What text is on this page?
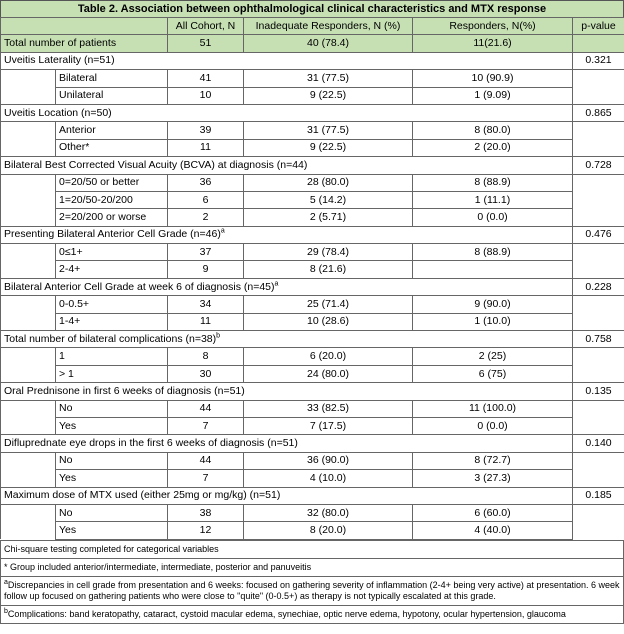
Table 2. Association between ophthalmological clinical characteristics and MTX response
		All Cohort, N	Inadequate Responders, N (%)	Responders, N(%)	p-value
Total number of patients		51	40 (78.4)	11(21.6)	
Uveitis Laterality (n=51)					0.321
	Bilateral	41	31 (77.5)	10 (90.9)	
	Unilateral	10	9 (22.5)	1 (9.09)	
Uveitis Location (n=50)					0.865
	Anterior	39	31 (77.5)	8 (80.0)	
	Other*	11	9 (22.5)	2 (20.0)	
Bilateral Best Corrected Visual Acuity (BCVA) at diagnosis (n=44)					0.728
	0=20/50 or better	36	28 (80.0)	8 (88.9)	
	1=20/50-20/200	6	5 (14.2)	1 (11.1)	
	2=20/200 or worse	2	2 (5.71)	0 (0.0)	
Presenting Bilateral Anterior Cell Grade (n=46)$^a$					0.476
	0≤1+	37	29 (78.4)	8 (88.9)	
	2-4+	9	8 (21.6)		
Bilateral Anterior Cell Grade at week 6 of diagnosis (n=45)$^a$					0.228
	0-0.5+	34	25 (71.4)	9 (90.0)	
	1-4+	11	10 (28.6)	1 (10.0)	
Total number of bilateral complications (n=38)$^b$					0.758
	1	8	6 (20.0)	2 (25)	
	> 1	30	24 (80.0)	6 (75)	
Oral Prednisone in first 6 weeks of diagnosis (n=51)					0.135
	No	44	33 (82.5)	11 (100.0)	
	Yes	7	7 (17.5)	0 (0.0)	
Difluprednate eye drops in the first 6 weeks of diagnosis (n=51)					0.140
	No	44	36 (90.0)	8 (72.7)	
	Yes	7	4 (10.0)	3 (27.3)	
Maximum dose of MTX used (either 25mg or mg/kg) (n=51)					0.185
	No	38	32 (80.0)	6 (60.0)	
	Yes	12	8 (20.0)	4 (40.0)	
Chi-square testing completed for categorical variables
* Group included anterior/intermediate, intermediate, posterior and panuveitis
$^a$Discrepancies in cell grade from presentation and 6 weeks: focused on gathering severity of inflammation (2-4+ being very active) at presentation. 6 week follow up focused on gathering patients who were close to "quite" (0-0.5+) as therapy is not typically escalated at this grade.
$^b$Complications: band keratopathy, cataract, cystoid macular edema, synechiae, optic nerve edema, hypotony, ocular hypertension, glaucoma
